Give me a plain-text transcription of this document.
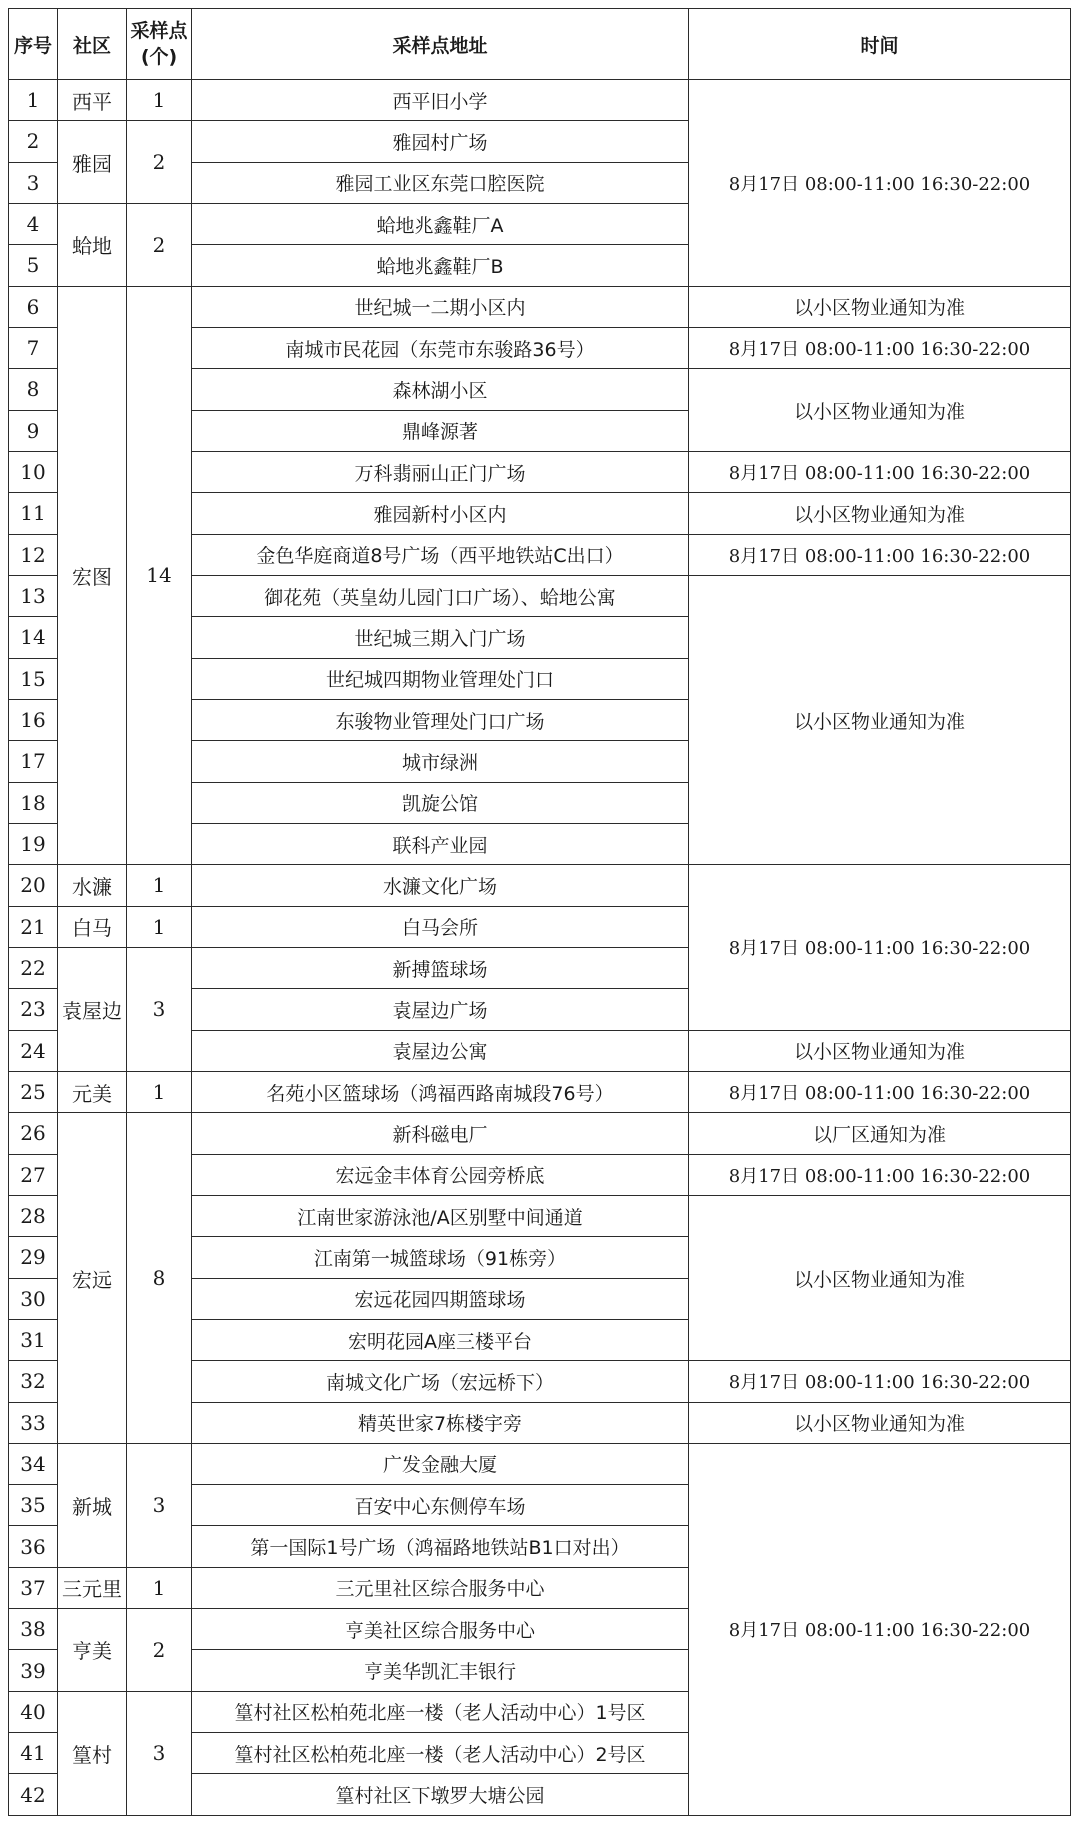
序号	社区	采样点(个)	采样点地址	时间
1	西平	1	西平旧小学	8月17日 08:00-11:00 16:30-22:00
2	雅园	2	雅园村广场	
3			雅园工业区东莞口腔医院	
4	蛤地	2	蛤地兆鑫鞋厂A	
5			蛤地兆鑫鞋厂B	
6	宏图	14	世纪城一二期小区内	以小区物业通知为准
7			南城市民花园（东莞市东骏路36号）	8月17日 08:00-11:00 16:30-22:00
8			森林湖小区	以小区物业通知为准
9			鼎峰源著	
10			万科翡丽山正门广场	8月17日 08:00-11:00 16:30-22:00
11			雅园新村小区内	以小区物业通知为准
12			金色华庭商道8号广场（西平地铁站C出口）	8月17日 08:00-11:00 16:30-22:00
13			御花苑（英皇幼儿园门口广场）、蛤地公寓	以小区物业通知为准
14			世纪城三期入门广场	
15			世纪城四期物业管理处门口	
16			东骏物业管理处门口广场	
17			城市绿洲	
18			凯旋公馆	
19			联科产业园	
20	水濂	1	水濂文化广场	8月17日 08:00-11:00 16:30-22:00
21	白马	1	白马会所	
22	袁屋边	3	新搏篮球场	
23			袁屋边广场	
24			袁屋边公寓	以小区物业通知为准
25	元美	1	名苑小区篮球场（鸿福西路南城段76号）	8月17日 08:00-11:00 16:30-22:00
26	宏远	8	新科磁电厂	以厂区通知为准
27			宏远金丰体育公园旁桥底	8月17日 08:00-11:00 16:30-22:00
28			江南世家游泳池/A区别墅中间通道	以小区物业通知为准
29			江南第一城篮球场（91栋旁）	
30			宏远花园四期篮球场	
31			宏明花园A座三楼平台	
32			南城文化广场（宏远桥下）	8月17日 08:00-11:00 16:30-22:00
33			精英世家7栋楼宇旁	以小区物业通知为准
34	新城	3	广发金融大厦	8月17日 08:00-11:00 16:30-22:00
35			百安中心东侧停车场	
36			第一国际1号广场（鸿福路地铁站B1口对出）	
37	三元里	1	三元里社区综合服务中心	
38	亨美	2	亨美社区综合服务中心	
39			亨美华凯汇丰银行	
40	篁村	3	篁村社区松柏苑北座一楼（老人活动中心）1号区	
41			篁村社区松柏苑北座一楼（老人活动中心）2号区	
42			篁村社区下墩罗大塘公园	
